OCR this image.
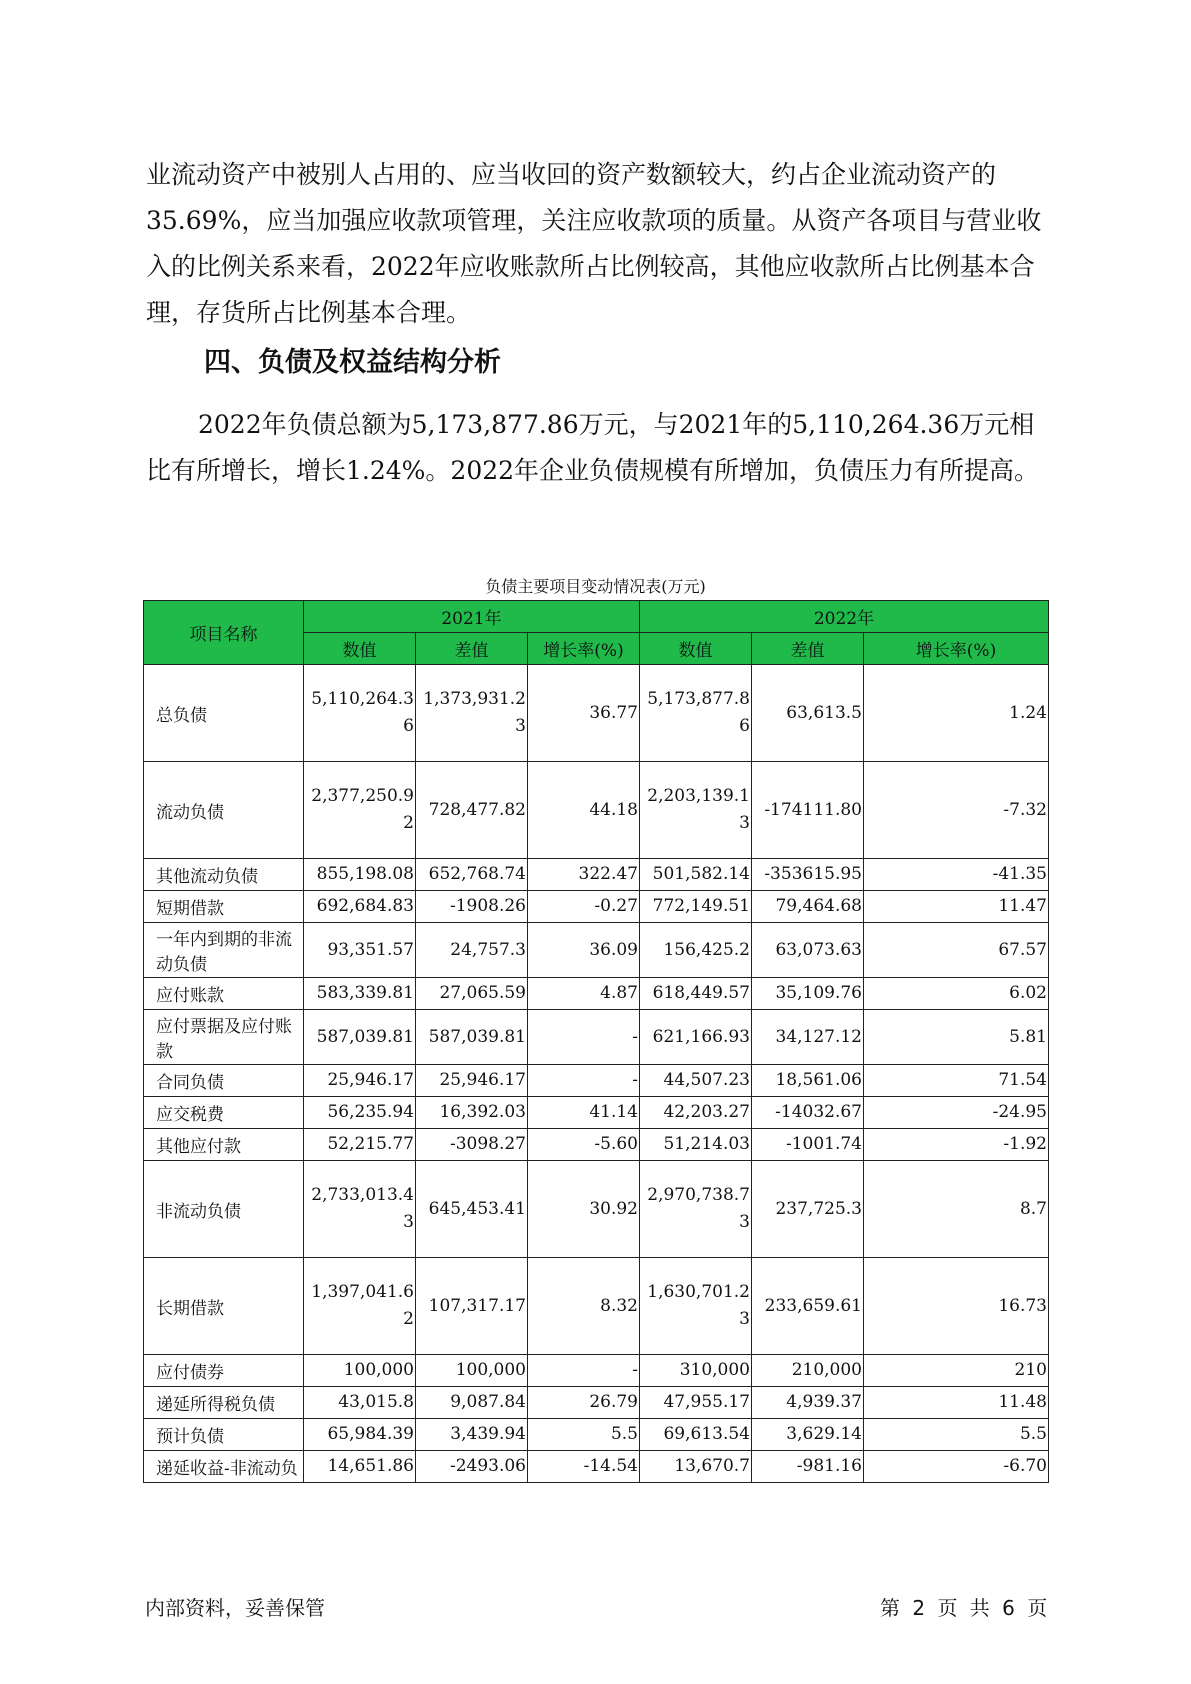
业流动资产中被别人占用的、应当收回的资产数额较大，约占企业流动资产的35.69%，应当加强应收款项管理，关注应收款项的质量。从资产各项目与营业收入的比例关系来看，2022年应收账款所占比例较高，其他应收款所占比例基本合理，存货所占比例基本合理。

四、负债及权益结构分析

2022年负债总额为5,173,877.86万元，与2021年的5,110,264.36万元相比有所增长，增长1.24%。2022年企业负债规模有所增加，负债压力有所提高。

负债主要项目变动情况表(万元)
项目名称	2021年			2022年		
	数值	差值	增长率(%)	数值	差值	增长率(%)
总负债	5,110,264.36	1,373,931.23	36.77	5,173,877.86	63,613.5	1.24
流动负债	2,377,250.92	728,477.82	44.18	2,203,139.13	-174111.80	-7.32
其他流动负债	855,198.08	652,768.74	322.47	501,582.14	-353615.95	-41.35
短期借款	692,684.83	-1908.26	-0.27	772,149.51	79,464.68	11.47
一年内到期的非流动负债	93,351.57	24,757.3	36.09	156,425.2	63,073.63	67.57
应付账款	583,339.81	27,065.59	4.87	618,449.57	35,109.76	6.02
应付票据及应付账款	587,039.81	587,039.81	-	621,166.93	34,127.12	5.81
合同负债	25,946.17	25,946.17	-	44,507.23	18,561.06	71.54
应交税费	56,235.94	16,392.03	41.14	42,203.27	-14032.67	-24.95
其他应付款	52,215.77	-3098.27	-5.60	51,214.03	-1001.74	-1.92
非流动负债	2,733,013.43	645,453.41	30.92	2,970,738.73	237,725.3	8.7
长期借款	1,397,041.62	107,317.17	8.32	1,630,701.23	233,659.61	16.73
应付债券	100,000	100,000	-	310,000	210,000	210
递延所得税负债	43,015.8	9,087.84	26.79	47,955.17	4,939.37	11.48
预计负债	65,984.39	3,439.94	5.5	69,613.54	3,629.14	5.5
递延收益-非流动负	14,651.86	-2493.06	-14.54	13,670.7	-981.16	-6.70
内部资料，妥善保管	第 2 页 共 6 页
